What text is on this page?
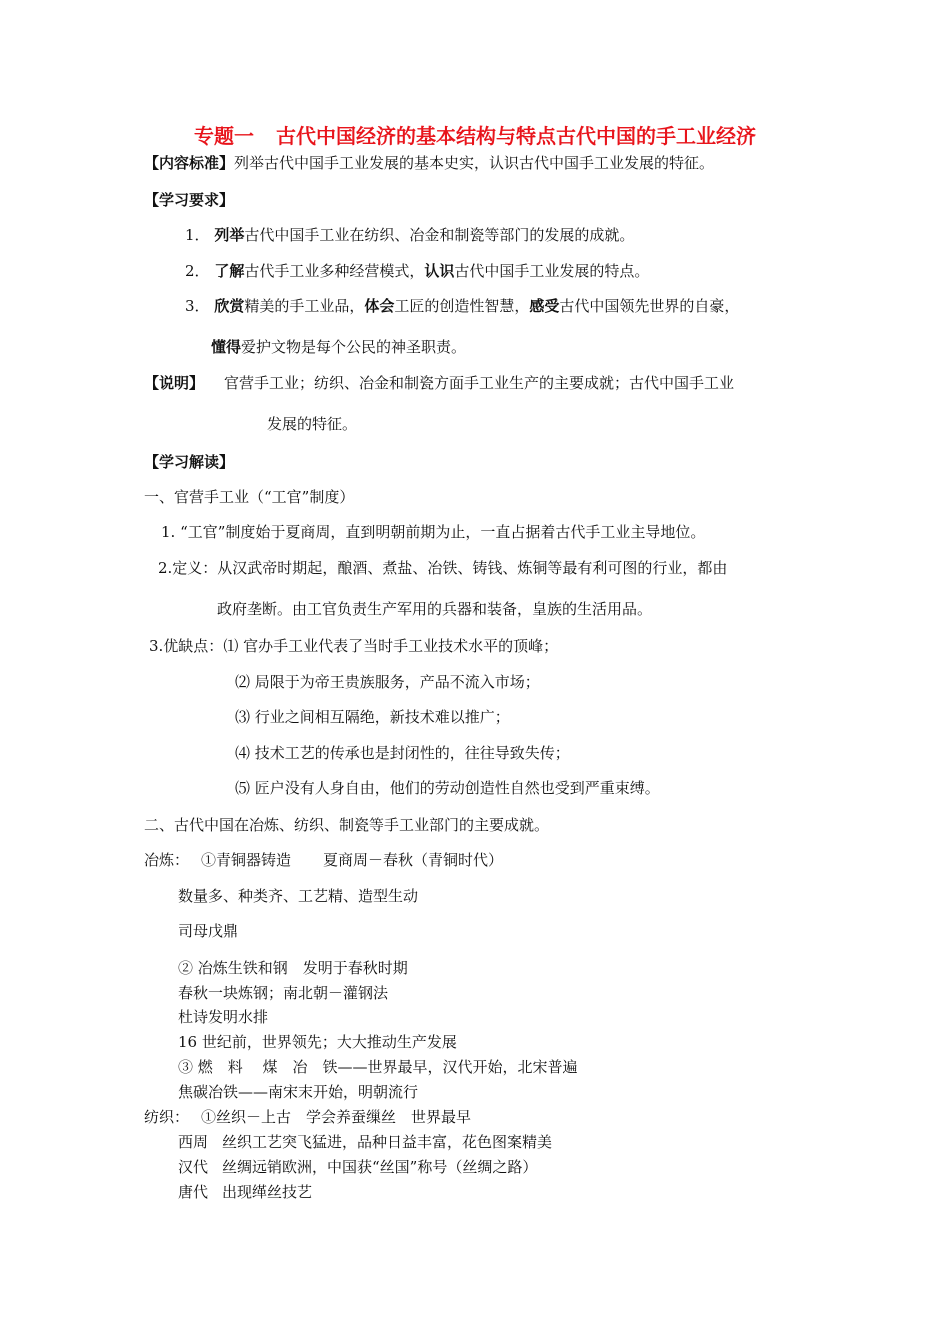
专题一 古代中国经济的基本结构与特点古代中国的手工业经济
【内容标准】列举古代中国手工业发展的基本史实，认识古代中国手工业发展的特征。
【学习要求】
1． 列举古代中国手工业在纺织、冶金和制瓷等部门的发展的成就。
2． 了解古代手工业多种经营模式，认识古代中国手工业发展的特点。
3． 欣赏精美的手工业品，体会工匠的创造性智慧，感受古代中国领先世界的自豪，
懂得爱护文物是每个公民的神圣职责。
【说明】 官营手工业；纺织、冶金和制瓷方面手工业生产的主要成就；古代中国手工业
发展的特征。
【学习解读】
一、官营手工业（“工官”制度）
1. “工官”制度始于夏商周，直到明朝前期为止，一直占据着古代手工业主导地位。
2.定义：从汉武帝时期起，酿酒、煮盐、冶铁、铸钱、炼铜等最有利可图的行业，都由
政府垄断。由工官负责生产军用的兵器和装备，皇族的生活用品。
3.优缺点：⑴ 官办手工业代表了当时手工业技术水平的顶峰；
⑵ 局限于为帝王贵族服务，产品不流入市场；
⑶ 行业之间相互隔绝，新技术难以推广；
⑷ 技术工艺的传承也是封闭性的，往往导致失传；
⑸ 匠户没有人身自由，他们的劳动创造性自然也受到严重束缚。
二、古代中国在冶炼、纺织、制瓷等手工业部门的主要成就。
冶炼： ①青铜器铸造 夏商周－春秋（青铜时代）
数量多、种类齐、工艺精、造型生动
司母戊鼎
② 冶炼生铁和钢　发明于春秋时期
春秋一块炼钢；南北朝－灌钢法
杜诗发明水排
16 世纪前，世界领先；大大推动生产发展
③ 燃　料　 煤　冶　铁——世界最早，汉代开始，北宋普遍
焦碳冶铁——南宋末开始，明朝流行
纺织： ①丝织－上古　学会养蚕缫丝　世界最早
西周 丝织工艺突飞猛进，品种日益丰富，花色图案精美
汉代 丝绸远销欧洲，中国获“丝国”称号（丝绸之路）
唐代 出现缂丝技艺
